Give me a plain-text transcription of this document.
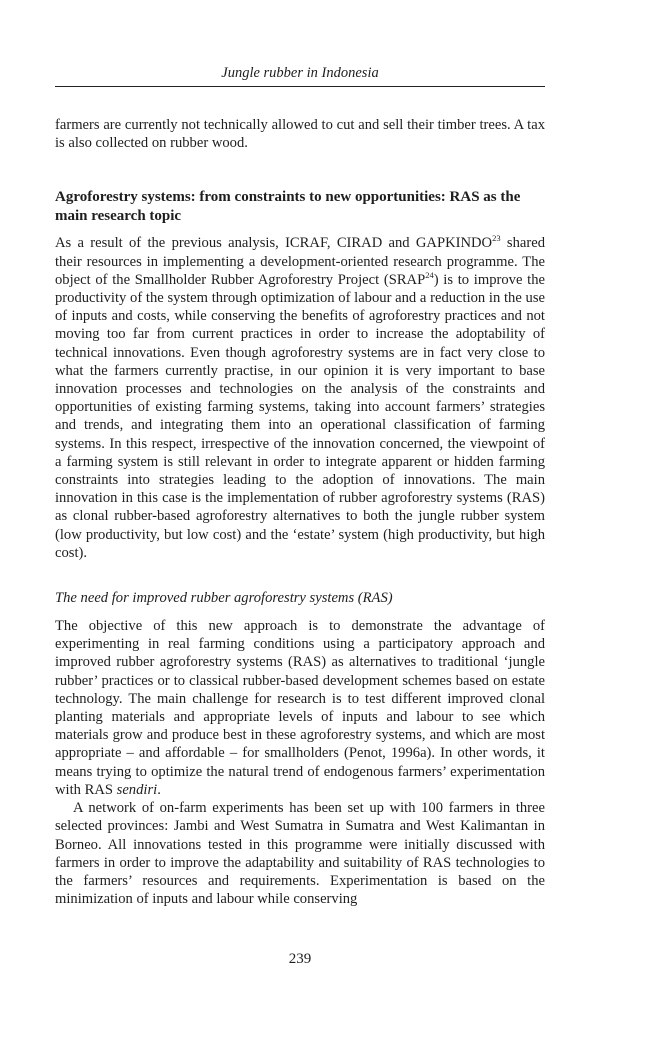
Jungle rubber in Indonesia

farmers are currently not technically allowed to cut and sell their timber trees. A tax is also collected on rubber wood.

Agroforestry systems: from constraints to new opportunities: RAS as the main research topic

As a result of the previous analysis, ICRAF, CIRAD and GAPKINDO$^{23}$ shared their resources in implementing a development-oriented research programme. The object of the Smallholder Rubber Agroforestry Project (SRAP$^{24}$) is to improve the productivity of the system through optimization of labour and a reduction in the use of inputs and costs, while conserving the benefits of agroforestry practices and not moving too far from current practices in order to increase the adoptability of technical innovations. Even though agroforestry systems are in fact very close to what the farmers currently practise, in our opinion it is very important to base innovation processes and technologies on the analysis of the constraints and opportunities of existing farming systems, taking into account farmers’ strategies and trends, and integrating them into an operational classification of farming systems. In this respect, irrespective of the innovation concerned, the viewpoint of a farming system is still relevant in order to integrate apparent or hidden farming constraints into strategies leading to the adoption of innovations. The main innovation in this case is the implementation of rubber agroforestry systems (RAS) as clonal rubber-based agroforestry alternatives to both the jungle rubber system (low productivity, but low cost) and the ‘estate’ system (high productivity, but high cost).

The need for improved rubber agroforestry systems (RAS)

The objective of this new approach is to demonstrate the advantage of experimenting in real farming conditions using a participatory approach and improved rubber agroforestry systems (RAS) as alternatives to traditional ‘jungle rubber’ practices or to classical rubber-based development schemes based on estate technology. The main challenge for research is to test different improved clonal planting materials and appropriate levels of inputs and labour to see which materials grow and produce best in these agroforestry systems, and which are most appropriate – and affordable – for smallholders (Penot, 1996a). In other words, it means trying to optimize the natural trend of endogenous farmers’ experimentation with RAS sendiri.

A network of on-farm experiments has been set up with 100 farmers in three selected provinces: Jambi and West Sumatra in Sumatra and West Kalimantan in Borneo. All innovations tested in this programme were initially discussed with farmers in order to improve the adaptability and suitability of RAS technologies to the farmers’ resources and requirements. Experimentation is based on the minimization of inputs and labour while conserving

239
